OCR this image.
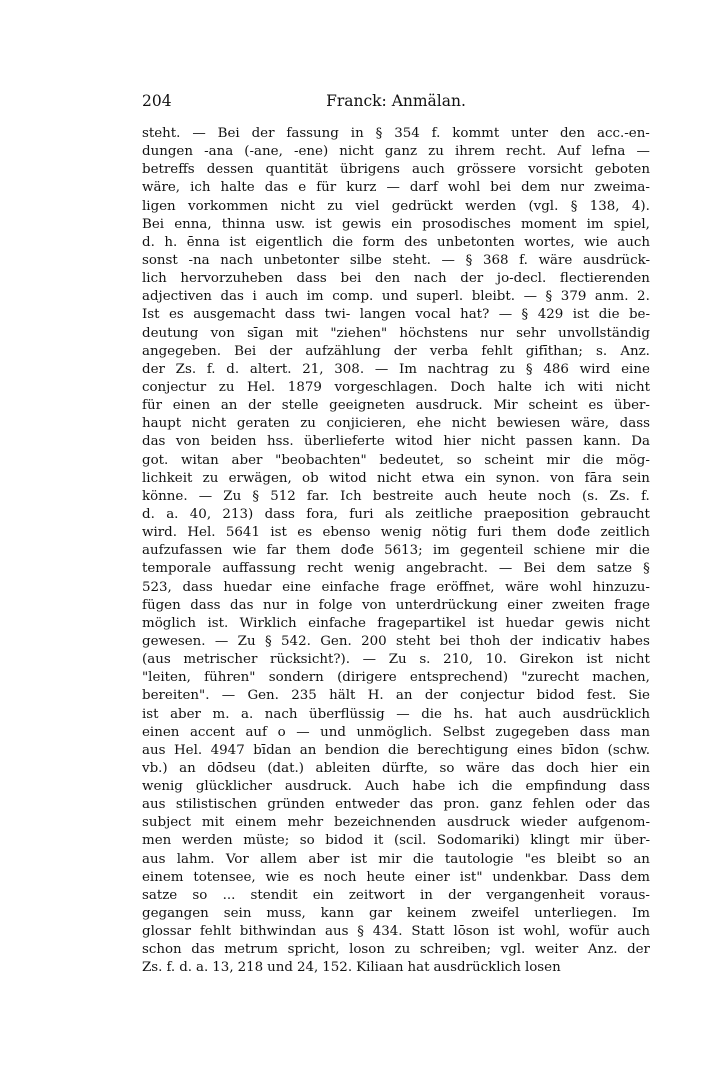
204	Franck: Anmälan.
steht. — Bei der fassung in § 354 f. kommt unter den acc.-en-
dungen -ana (-ane, -ene) nicht ganz zu ihrem recht. Auf lefna —
betreffs dessen quantität übrigens auch grössere vorsicht geboten
wäre, ich halte das e für kurz — darf wohl bei dem nur zweima-
ligen vorkommen nicht zu viel gedrückt werden (vgl. § 138, 4).
Bei enna, thinna usw. ist gewis ein prosodisches moment im spiel,
d. h. ēnna ist eigentlich die form des unbetonten wortes, wie auch
sonst -na nach unbetonter silbe steht. — § 368 f. wäre ausdrück-
lich hervorzuheben dass bei den nach der jo-decl. flectierenden
adjectiven das i auch im comp. und superl. bleibt. — § 379 anm. 2.
Ist es ausgemacht dass twi- langen vocal hat? — § 429 ist die be-
deutung von sīgan mit "ziehen" höchstens nur sehr unvollständig
angegeben. Bei der aufzählung der verba fehlt gifīthan; s. Anz.
der Zs. f. d. altert. 21, 308. — Im nachtrag zu § 486 wird eine
conjectur zu Hel. 1879 vorgeschlagen. Doch halte ich witi nicht
für einen an der stelle geeigneten ausdruck. Mir scheint es über-
haupt nicht geraten zu conjicieren, ehe nicht bewiesen wäre, dass
das von beiden hss. überlieferte witod hier nicht passen kann. Da
got. witan aber "beobachten" bedeutet, so scheint mir die mög-
lichkeit zu erwägen, ob witod nicht etwa ein synon. von fāra sein
könne. — Zu § 512 far. Ich bestreite auch heute noch (s. Zs. f.
d. a. 40, 213) dass fora, furi als zeitliche praeposition gebraucht
wird. Hel. 5641 ist es ebenso wenig nötig furi them dođe zeitlich
aufzufassen wie far them dođe 5613; im gegenteil schiene mir die
temporale auffassung recht wenig angebracht. — Bei dem satze §
523, dass huedar eine einfache frage eröffnet, wäre wohl hinzuzu-
fügen dass das nur in folge von unterdrückung einer zweiten frage
möglich ist. Wirklich einfache fragepartikel ist huedar gewis nicht
gewesen. — Zu § 542. Gen. 200 steht bei thoh der indicativ habes
(aus metrischer rücksicht?). — Zu s. 210, 10. Girekon ist nicht
"leiten, führen" sondern (dirigere entsprechend) "zurecht machen,
bereiten". — Gen. 235 hält H. an der conjectur bidod fest. Sie
ist aber m. a. nach überflüssig — die hs. hat auch ausdrücklich
einen accent auf o — und unmöglich. Selbst zugegeben dass man
aus Hel. 4947 bīdan an bendion die berechtigung eines bīdon (schw.
vb.) an dōdseu (dat.) ableiten dürfte, so wäre das doch hier ein
wenig glücklicher ausdruck. Auch habe ich die empfindung dass
aus stilistischen gründen entweder das pron. ganz fehlen oder das
subject mit einem mehr bezeichnenden ausdruck wieder aufgenom-
men werden müste; so bidod it (scil. Sodomariki) klingt mir über-
aus lahm. Vor allem aber ist mir die tautologie "es bleibt so an
einem totensee, wie es noch heute einer ist" undenkbar. Dass dem
satze so ... stendit ein zeitwort in der vergangenheit voraus-
gegangen sein muss, kann gar keinem zweifel unterliegen. Im
glossar fehlt bithwindan aus § 434. Statt lōson ist wohl, wofür auch
schon das metrum spricht, loson zu schreiben; vgl. weiter Anz. der
Zs. f. d. a. 13, 218 und 24, 152. Kiliaan hat ausdrücklich losen
